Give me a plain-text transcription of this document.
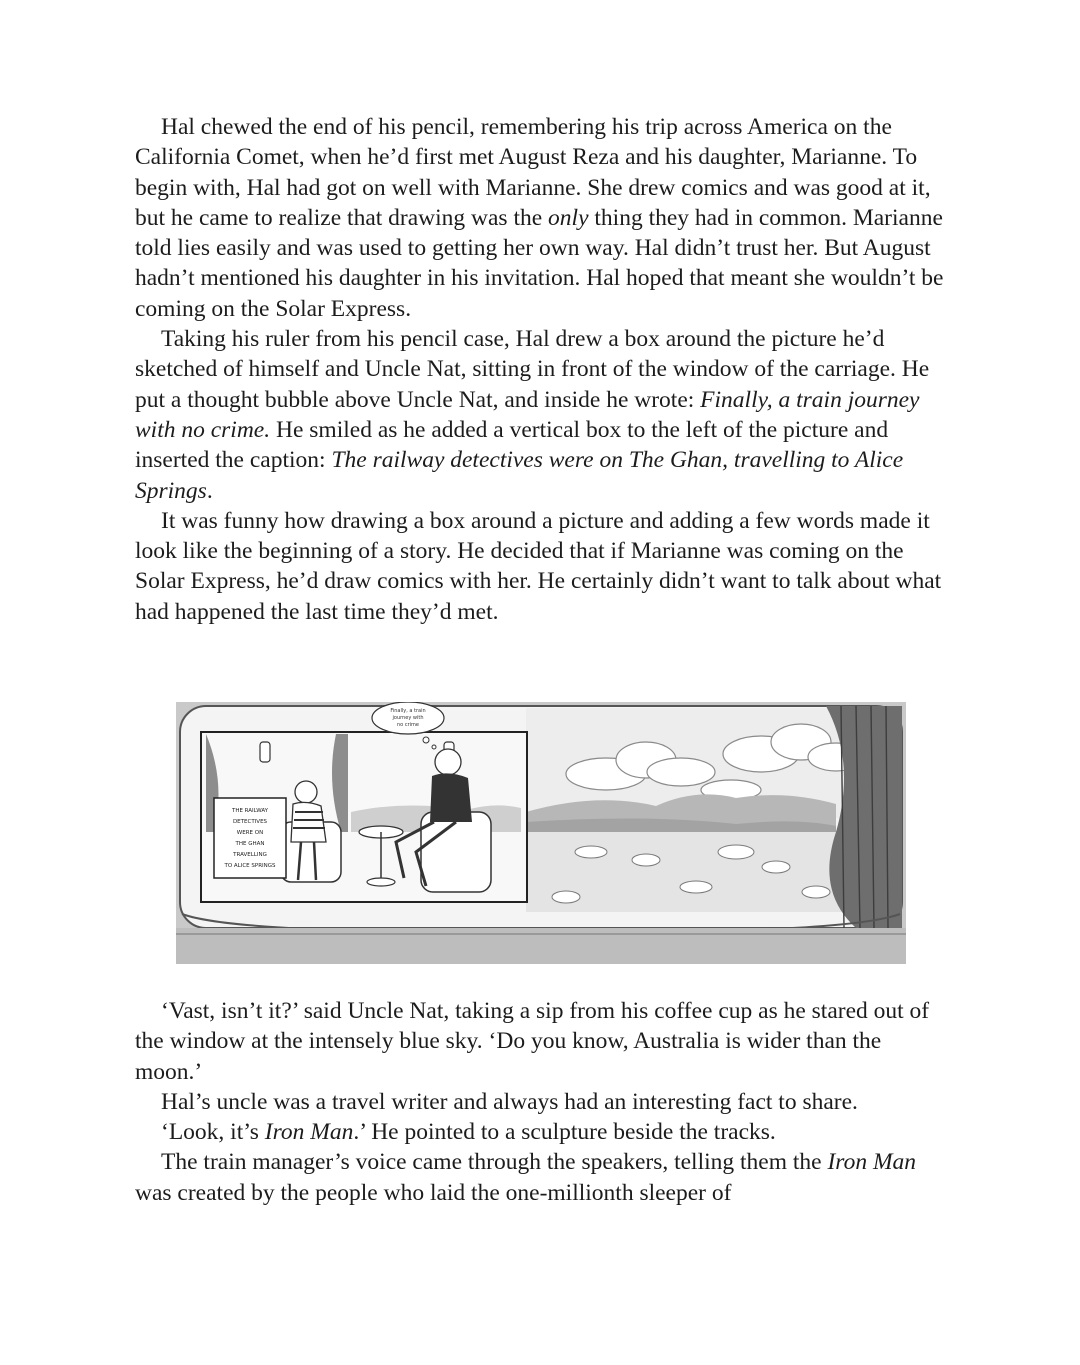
Hal chewed the end of his pencil, remembering his trip across America on the California Comet, when he’d first met August Reza and his daughter, Marianne. To begin with, Hal had got on well with Marianne. She drew comics and was good at it, but he came to realize that drawing was the only thing they had in common. Marianne told lies easily and was used to getting her own way. Hal didn’t trust her. But August hadn’t mentioned his daughter in his invitation. Hal hoped that meant she wouldn’t be coming on the Solar Express.

Taking his ruler from his pencil case, Hal drew a box around the picture he’d sketched of himself and Uncle Nat, sitting in front of the window of the carriage. He put a thought bubble above Uncle Nat, and inside he wrote: Finally, a train journey with no crime. He smiled as he added a vertical box to the left of the picture and inserted the caption: The railway detectives were on The Ghan, travelling to Alice Springs.

It was funny how drawing a box around a picture and adding a few words made it look like the beginning of a story. He decided that if Marianne was coming on the Solar Express, he’d draw comics with her. He certainly didn’t want to talk about what had happened the last time they’d met.

Finally, a train
journey with
no crime
THE RAILWAY
DETECTIVES
WERE ON
THE GHAN
TRAVELLING
TO ALICE SPRINGS

‘Vast, isn’t it?’ said Uncle Nat, taking a sip from his coffee cup as he stared out of the window at the intensely blue sky. ‘Do you know, Australia is wider than the moon.’

Hal’s uncle was a travel writer and always had an interesting fact to share.

‘Look, it’s Iron Man.’ He pointed to a sculpture beside the tracks.

The train manager’s voice came through the speakers, telling them the Iron Man was created by the people who laid the one-millionth sleeper of
